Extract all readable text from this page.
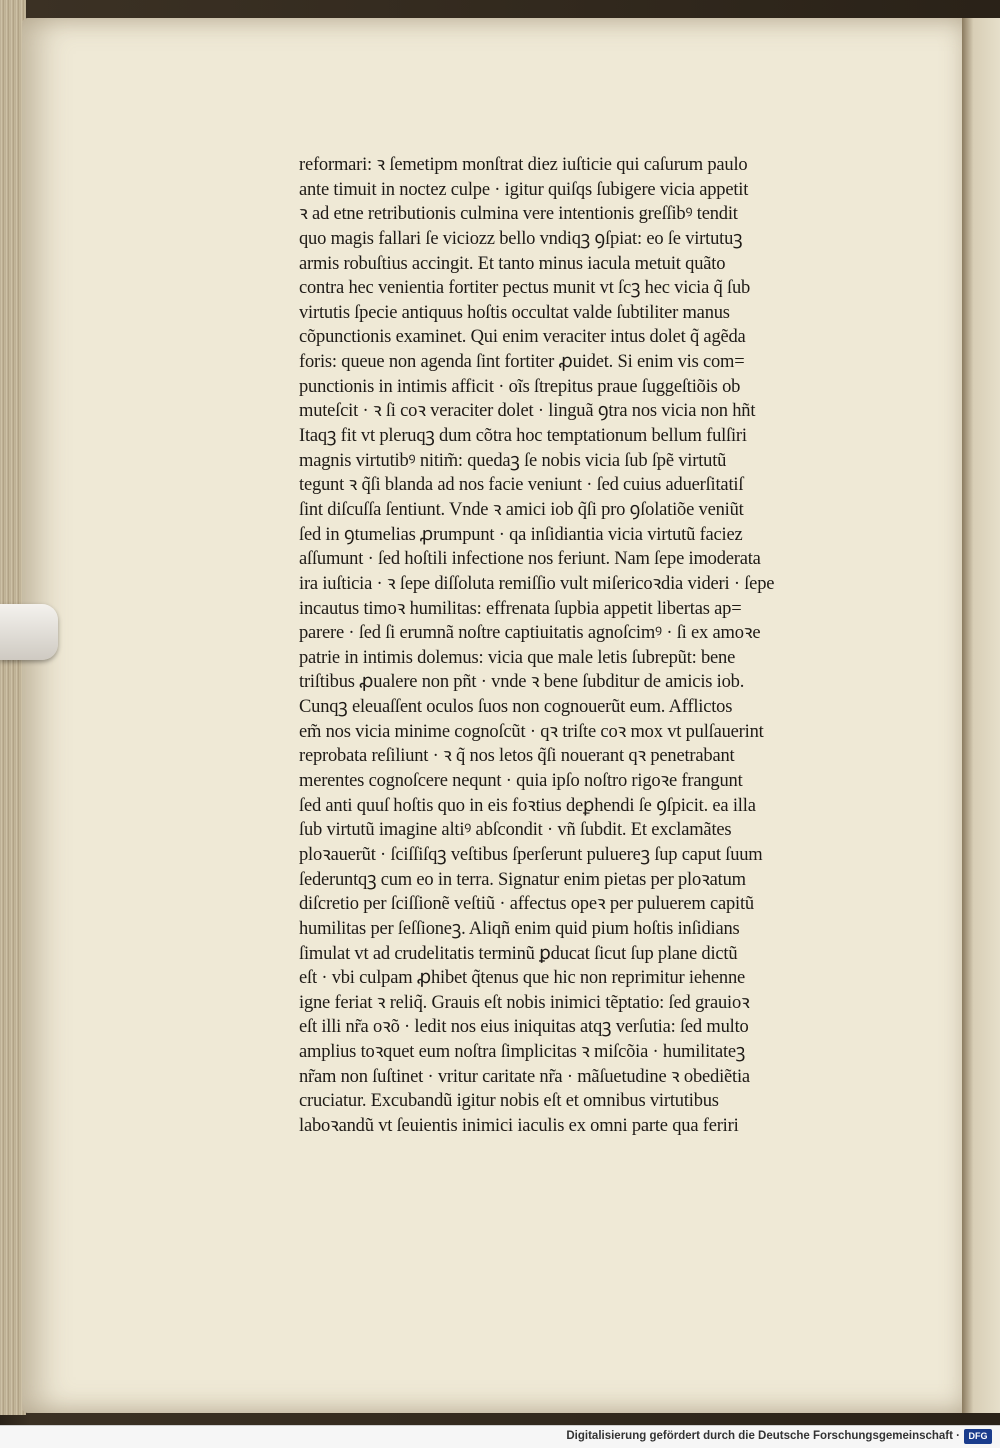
reformari: ꝛ ſemetipm monſtrat diez iuſticie qui caſurum paulo
ante timuit in noctez culpe · igitur quiſqs ſubigere vicia appetit
ꝛ ad etne retributionis culmina vere intentionis greſſibꝰ tendit
quo magis fallari ſe viciozz bello vndiqꝫ ꝯſpiat: eo ſe virtutuꝫ
armis robuſtius accingit. Et tanto minus iacula metuit quãto
contra hec venientia fortiter pectus munit vt ſcꝫ hec vicia q̃ ſub
virtutis ſpecie antiquus hoſtis occultat valde ſubtiliter manus
cõpunctionis examinet. Qui enim veraciter intus dolet q̃ agẽda
foris: queue non agenda ſint fortiter ꝓuidet. Si enim vis com=
punctionis in intimis afficit · oĩs ſtrepitus praue ſuggeſtiõis ob
muteſcit · ꝛ ſi coꝛ veraciter dolet · linguã ꝯtra nos vicia non hñt
Itaqꝫ fit vt pleruqꝫ dum cõtra hoc temptationum bellum fulſiri
magnis virtutibꝰ nitim̃: quedaꝫ ſe nobis vicia ſub ſpẽ virtutũ
tegunt ꝛ q̃ſi blanda ad nos facie veniunt · ſed cuius aduerſitatiſ
ſint diſcuſſa ſentiunt. Vnde ꝛ amici iob q̃ſi pro ꝯſolatiõe veniũt
ſed in ꝯtumelias ꝓrumpunt · qa inſidiantia vicia virtutũ faciez
aſſumunt · ſed hoſtili infectione nos feriunt. Nam ſepe imoderata
ira iuſticia · ꝛ ſepe diſſoluta remiſſio vult miſericoꝛdia videri · ſepe
incautus timoꝛ humilitas: effrenata ſupbia appetit libertas ap=
parere · ſed ſi erumnã noſtre captiuitatis agnoſcimꝰ · ſi ex amoꝛe
patrie in intimis dolemus: vicia que male letis ſubrepũt: bene
triſtibus ꝓualere non pñt · vnde ꝛ bene ſubditur de amicis iob.
Cunqꝫ eleuaſſent oculos ſuos non cognouerũt eum. Afflictos
em̃ nos vicia minime cognoſcũt · qꝛ triſte coꝛ mox vt pulſauerint
reprobata reſiliunt · ꝛ q̃ nos letos q̃ſi nouerant qꝛ penetrabant
merentes cognoſcere nequnt · quia ipſo noſtro rigoꝛe frangunt
ſed anti quuſ hoſtis quo in eis foꝛtius deꝑhendi ſe ꝯſpicit. ea illa
ſub virtutũ imagine altiꝰ abſcondit · vñ ſubdit. Et exclamãtes
ploꝛauerũt · ſciſſiſqꝫ veſtibus ſperſerunt puluereꝫ ſup caput ſuum
ſederuntqꝫ cum eo in terra. Signatur enim pietas per ploꝛatum
diſcretio per ſciſſionẽ veſtiũ · affectus opeꝛ per puluerem capitũ
humilitas per ſeſſioneꝫ. Aliqñ enim quid pium hoſtis inſidians
ſimulat vt ad crudelitatis terminũ ꝑducat ſicut ſup plane dictũ
eſt · vbi culpam ꝓhibet q̃tenus que hic non reprimitur iehenne
igne feriat ꝛ reliq̃. Grauis eſt nobis inimici tẽptatio: ſed grauioꝛ
eſt illi nr̃a oꝛõ · ledit nos eius iniquitas atqꝫ verſutia: ſed multo
amplius toꝛquet eum noſtra ſimplicitas ꝛ miſcõia · humilitateꝫ
nr̃am non ſuſtinet · vritur caritate nr̃a · mãſuetudine ꝛ obediẽtia
cruciatur. Excubandũ igitur nobis eſt et omnibus virtutibus
laboꝛandũ vt ſeuientis inimici iaculis ex omni parte qua feriri
Digitalisierung gefördert durch die Deutsche Forschungsgemeinschaft · DFG
